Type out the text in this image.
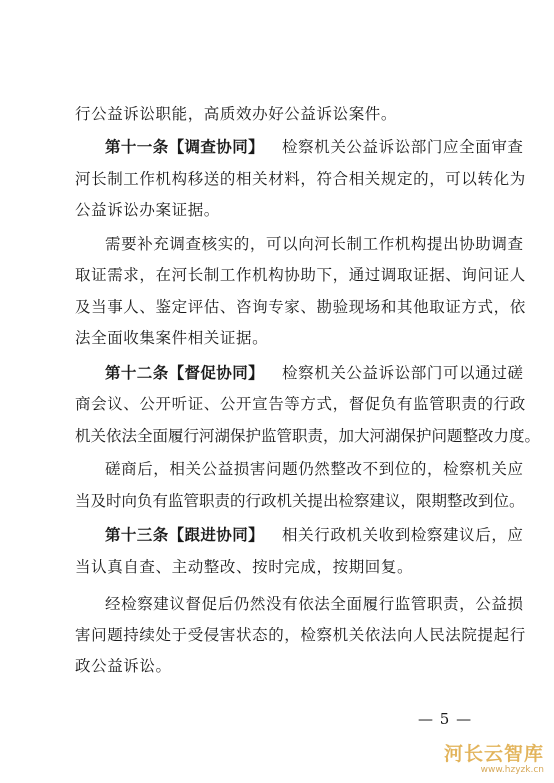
行公益诉讼职能，高质效办好公益诉讼案件。
第十一条【调查协同】 检察机关公益诉讼部门应全面审查
河长制工作机构移送的相关材料，符合相关规定的，可以转化为
公益诉讼办案证据。
需要补充调查核实的，可以向河长制工作机构提出协助调查
取证需求，在河长制工作机构协助下，通过调取证据、询问证人
及当事人、鉴定评估、咨询专家、勘验现场和其他取证方式，依
法全面收集案件相关证据。
第十二条【督促协同】 检察机关公益诉讼部门可以通过磋
商会议、公开听证、公开宣告等方式，督促负有监管职责的行政
机关依法全面履行河湖保护监管职责，加大河湖保护问题整改力度。
磋商后，相关公益损害问题仍然整改不到位的，检察机关应
当及时向负有监管职责的行政机关提出检察建议，限期整改到位。
第十三条【跟进协同】 相关行政机关收到检察建议后，应
当认真自查、主动整改、按时完成，按期回复。
经检察建议督促后仍然没有依法全面履行监管职责，公益损
害问题持续处于受侵害状态的，检察机关依法向人民法院提起行
政公益诉讼。
— 5 —
河长云智库
www.hzyzk.cn
